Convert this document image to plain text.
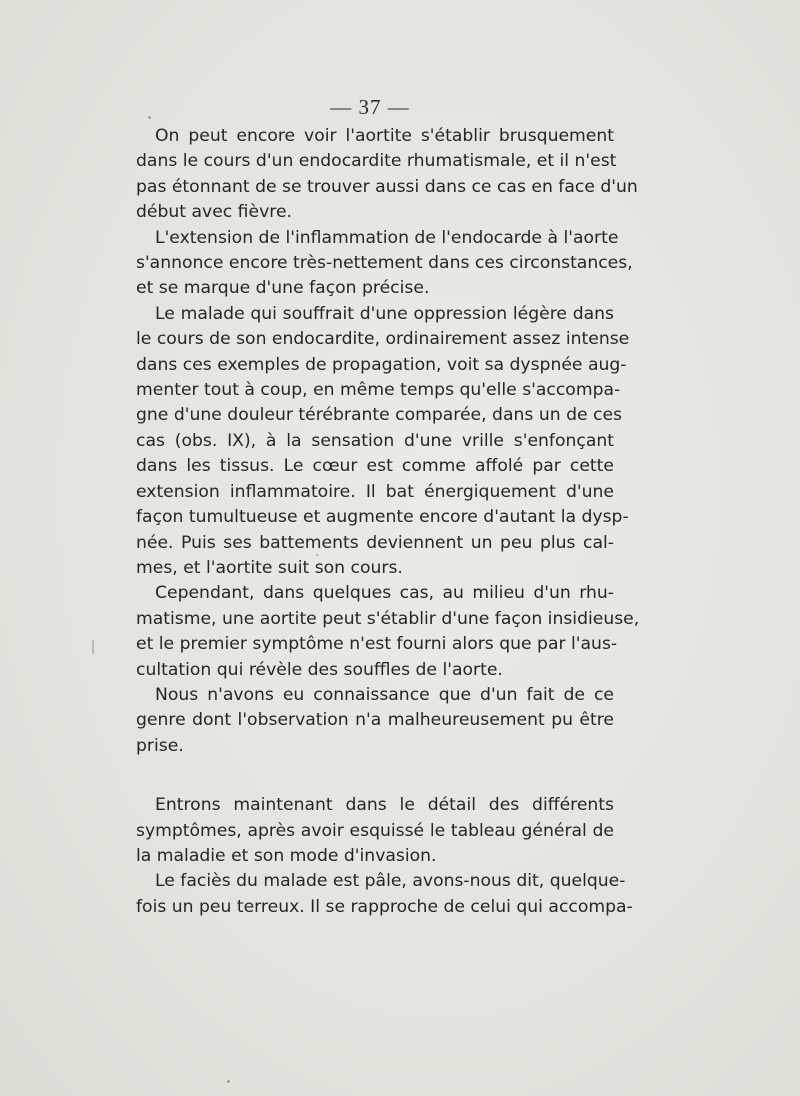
— 37 —

On peut encore voir l'aortite s'établir brusquement
dans le cours d'un endocardite rhumatismale, et il n'est
pas étonnant de se trouver aussi dans ce cas en face d'un
début avec fièvre.

L'extension de l'inflammation de l'endocarde à l'aorte
s'annonce encore très-nettement dans ces circonstances,
et se marque d'une façon précise.

Le malade qui souffrait d'une oppression légère dans
le cours de son endocardite, ordinairement assez intense
dans ces exemples de propagation, voit sa dyspnée aug-
menter tout à coup, en même temps qu'elle s'accompa-
gne d'une douleur térébrante comparée, dans un de ces
cas (obs. IX), à la sensation d'une vrille s'enfonçant
dans les tissus. Le cœur est comme affolé par cette
extension inflammatoire. Il bat énergiquement d'une
façon tumultueuse et augmente encore d'autant la dysp-
née. Puis ses battements deviennent un peu plus cal-
mes, et l'aortite suit son cours.

Cependant, dans quelques cas, au milieu d'un rhu-
matisme, une aortite peut s'établir d'une façon insidieuse,
et le premier symptôme n'est fourni alors que par l'aus-
cultation qui révèle des souffles de l'aorte.

Nous n'avons eu connaissance que d'un fait de ce
genre dont l'observation n'a malheureusement pu être
prise.

Entrons maintenant dans le détail des différents
symptômes, après avoir esquissé le tableau général de
la maladie et son mode d'invasion.

Le faciès du malade est pâle, avons-nous dit, quelque-
fois un peu terreux. Il se rapproche de celui qui accompa-
